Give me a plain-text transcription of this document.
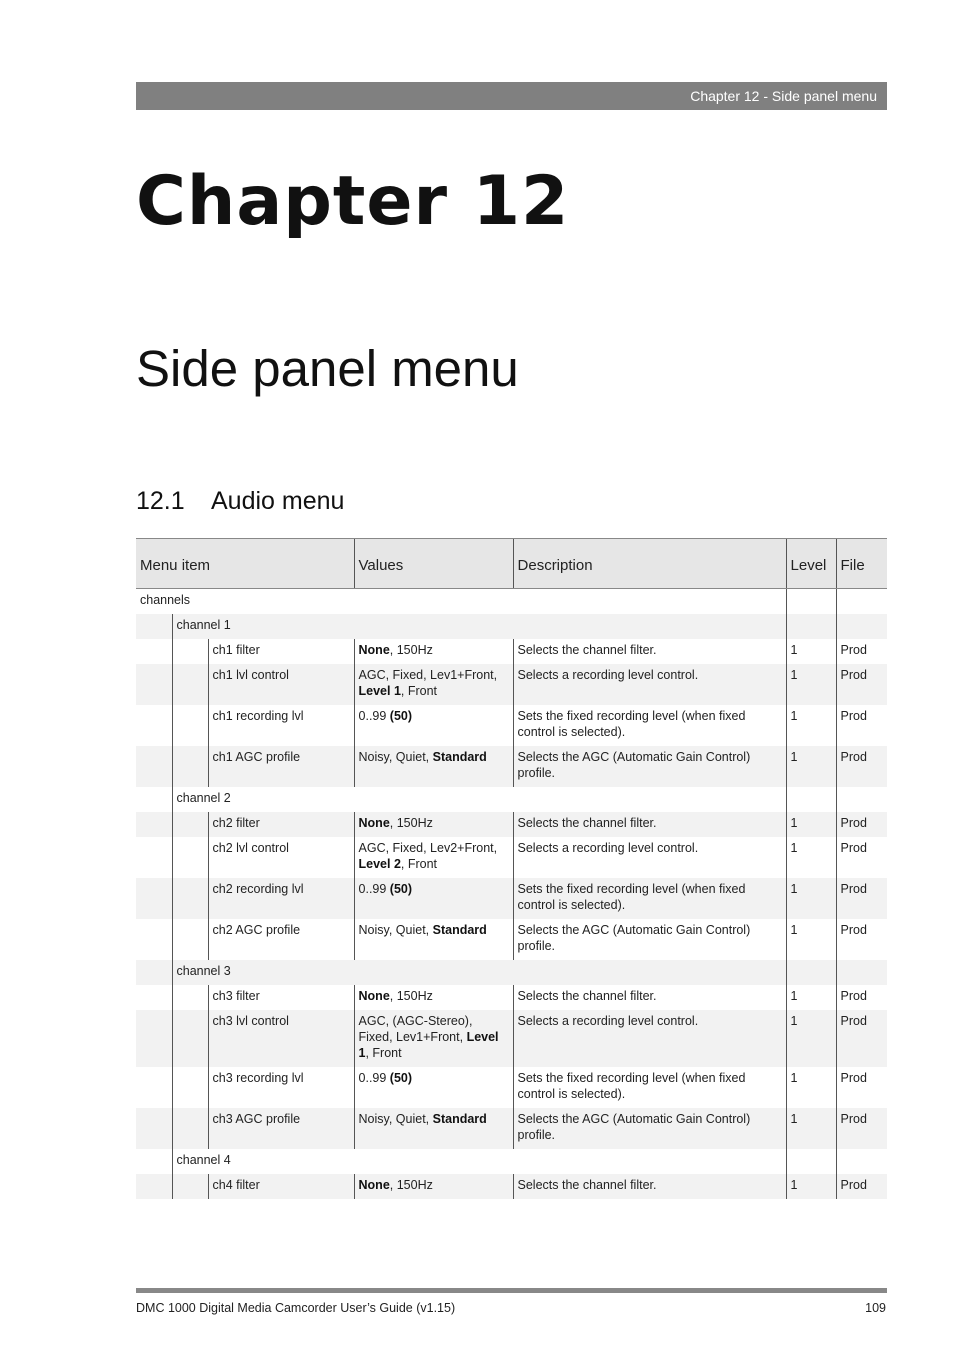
Chapter 12 - Side panel menu
Chapter 12
Side panel menu
12.1 Audio menu
Menu item			Values	Description	Level	File
channels						
	channel 1					
		ch1 filter	None, 150Hz	Selects the channel filter.	1	Prod
		ch1 lvl control	AGC, Fixed, Lev1+Front,
Level 1, Front	Selects a recording level control.	1	Prod
		ch1 recording lvl	0..99 (50)	Sets the fixed recording level (when fixed control is selected).	1	Prod
		ch1 AGC profile	Noisy, Quiet, Standard	Selects the AGC (Automatic Gain Control) profile.	1	Prod
	channel 2					
		ch2 filter	None, 150Hz	Selects the channel filter.	1	Prod
		ch2 lvl control	AGC, Fixed, Lev2+Front,
Level 2, Front	Selects a recording level control.	1	Prod
		ch2 recording lvl	0..99 (50)	Sets the fixed recording level (when fixed control is selected).	1	Prod
		ch2 AGC profile	Noisy, Quiet, Standard	Selects the AGC (Automatic Gain Control) profile.	1	Prod
	channel 3					
		ch3 filter	None, 150Hz	Selects the channel filter.	1	Prod
		ch3 lvl control	AGC, (AGC-Stereo), Fixed, Lev1+Front, Level 1, Front	Selects a recording level control.	1	Prod
		ch3 recording lvl	0..99 (50)	Sets the fixed recording level (when fixed control is selected).	1	Prod
		ch3 AGC profile	Noisy, Quiet, Standard	Selects the AGC (Automatic Gain Control) profile.	1	Prod
	channel 4					
		ch4 filter	None, 150Hz	Selects the channel filter.	1	Prod
DMC 1000 Digital Media Camcorder User’s Guide (v1.15)	109
